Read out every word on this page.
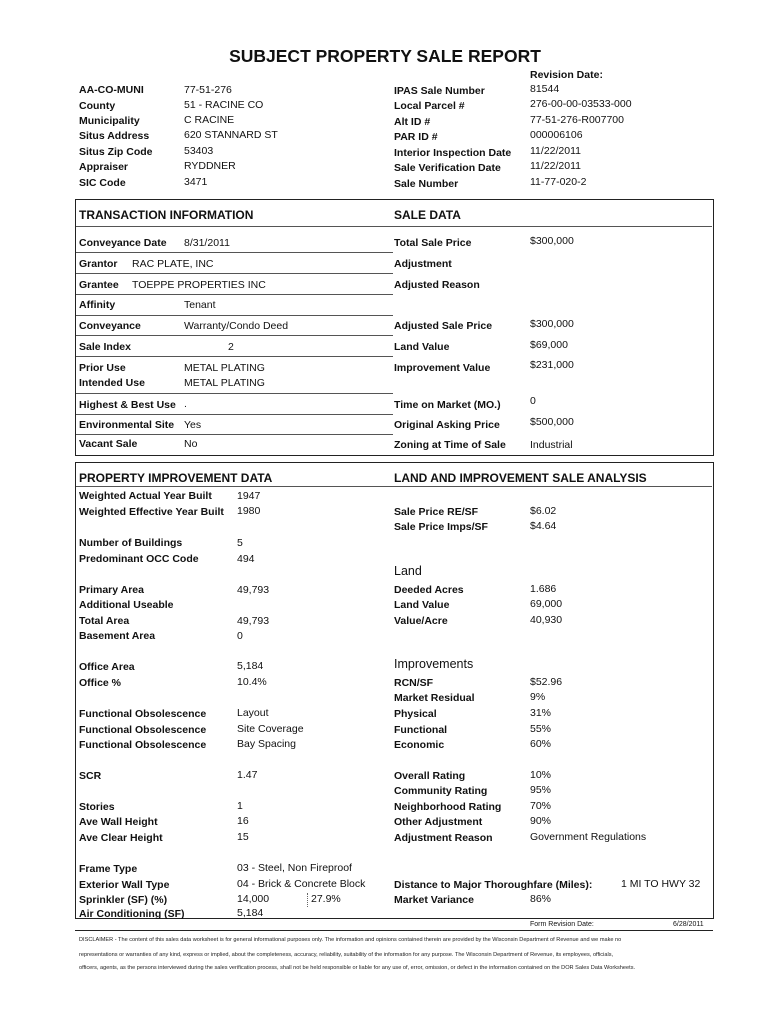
SUBJECT PROPERTY SALE REPORT
AA-CO-MUNI	77-51-276
County	51 - RACINE CO
Municipality	C RACINE
Situs Address	620 STANNARD ST
Situs Zip Code	53403
Appraiser	RYDDNER
SIC Code	3471
Revision Date:
IPAS Sale Number	81544
Local Parcel #	276-00-00-03533-000
Alt ID #	77-51-276-R007700
PAR ID #	000006106
Interior Inspection Date 11/22/2011
Sale Verification Date	11/22/2011
Sale Number	11-77-020-2
TRANSACTION INFORMATION	SALE DATA
Conveyance Date 8/31/2011
Grantor RAC PLATE, INC
Grantee TOEPPE PROPERTIES INC
Affinity	Tenant
Conveyance	Warranty/Condo Deed
Sale Index	2
Prior Use	METAL PLATING
Intended Use	METAL PLATING
Highest & Best Use .
Environmental Site Yes
Vacant Sale	No
Total Sale Price	$300,000
Adjustment
Adjusted Reason
Adjusted Sale Price	$300,000
Land Value	$69,000
Improvement Value	$231,000
Time on Market (MO.)	0
Original Asking Price	$500,000
Zoning at Time of Sale Industrial
PROPERTY IMPROVEMENT DATA	LAND AND IMPROVEMENT SALE ANALYSIS
Weighted Actual Year Built 1947
Weighted Effective Year Built 1980
Number of Buildings	5
Predominant OCC Code	494
Primary Area	49,793
Additional Useable
Total Area	49,793
Basement Area	0
Office Area	5,184
Office %	10.4%
Functional Obsolescence	Layout
Functional Obsolescence	Site Coverage
Functional Obsolescence	Bay Spacing
SCR	1.47
Stories	1
Ave Wall Height	16
Ave Clear Height	15
Frame Type	03 - Steel, Non Fireproof
Exterior Wall Type	04 - Brick & Concrete Block
Sprinkler (SF) (%)	14,000	27.9%
Air Conditioning (SF)	5,184
Sale Price RE/SF	$6.02
Sale Price Imps/SF	$4.64
Land
Deeded Acres	1.686
Land Value	69,000
Value/Acre	40,930
Improvements
RCN/SF	$52.96
Market Residual	9%
Physical	31%
Functional	55%
Economic	60%
Overall Rating	10%
Community Rating	95%
Neighborhood Rating	70%
Other Adjustment	90%
Adjustment Reason	Government Regulations
Distance to Major Thoroughfare (Miles):	1 MI TO HWY 32
Market Variance	86%
Form Revision Date:	6/28/2011
DISCLAIMER - The content of this sales data worksheet is for general informational purposes only. The information and opinions contained therein are provided by the Wisconsin Department of Revenue and we make no
representations or warranties of any kind, express or implied, about the completeness, accuracy, reliability, suitability of the information for any purpose. The Wisconsin Department of Revenue, its employees, officials,
officers, agents, as the persons interviewed during the sales verification process, shall not be held responsible or liable for any use of, error, omission, or defect in the information contained on the DOR Sales Data Worksheets.
